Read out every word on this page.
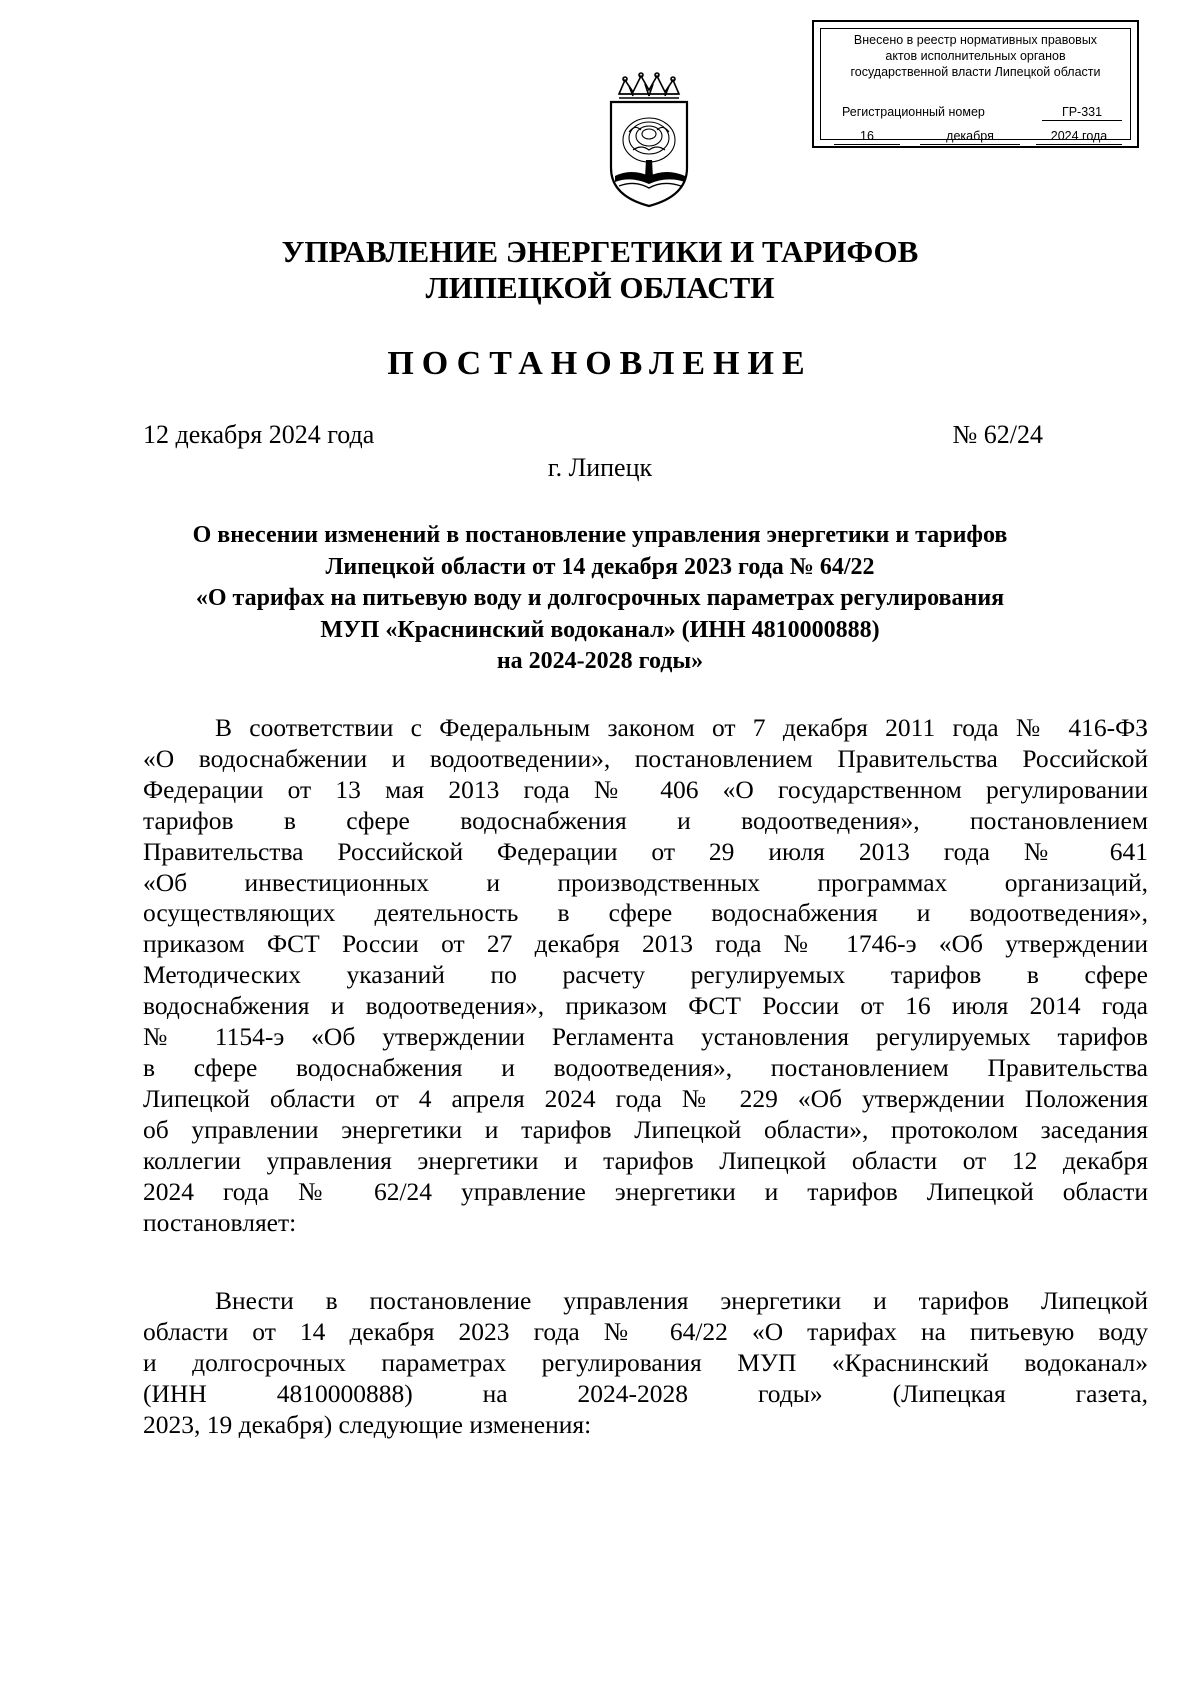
Внесено в реестр нормативных правовых
актов исполнительных органов
государственной власти Липецкой области
Регистрационный номер	ГР-331
16	декабря	2024 года
УПРАВЛЕНИЕ ЭНЕРГЕТИКИ И ТАРИФОВ
ЛИПЕЦКОЙ ОБЛАСТИ
ПОСТАНОВЛЕНИЕ
12 декабря 2024 года	№ 62/24
г. Липецк
О внесении изменений в постановление управления энергетики и тарифов
Липецкой области от 14 декабря 2023 года № 64/22
«О тарифах на питьевую воду и долгосрочных параметрах регулирования
МУП «Краснинский водоканал» (ИНН 4810000888)
на 2024-2028 годы»
В соответствии с Федеральным законом от 7 декабря 2011 года № 416-ФЗ
«О водоснабжении и водоотведении», постановлением Правительства Российской
Федерации от 13 мая 2013 года № 406 «О государственном регулировании
тарифов в сфере водоснабжения и водоотведения», постановлением
Правительства Российской Федерации от 29 июля 2013 года № 641
«Об инвестиционных и производственных программах организаций,
осуществляющих деятельность в сфере водоснабжения и водоотведения»,
приказом ФСТ России от 27 декабря 2013 года № 1746-э «Об утверждении
Методических указаний по расчету регулируемых тарифов в сфере
водоснабжения и водоотведения», приказом ФСТ России от 16 июля 2014 года
№ 1154-э «Об утверждении Регламента установления регулируемых тарифов
в сфере водоснабжения и водоотведения», постановлением Правительства
Липецкой области от 4 апреля 2024 года № 229 «Об утверждении Положения
об управлении энергетики и тарифов Липецкой области», протоколом заседания
коллегии управления энергетики и тарифов Липецкой области от 12 декабря
2024 года № 62/24 управление энергетики и тарифов Липецкой области
постановляет:
Внести в постановление управления энергетики и тарифов Липецкой
области от 14 декабря 2023 года № 64/22 «О тарифах на питьевую воду
и долгосрочных параметрах регулирования МУП «Краснинский водоканал»
(ИНН 4810000888) на 2024-2028 годы» (Липецкая газета,
2023, 19 декабря) следующие изменения:
